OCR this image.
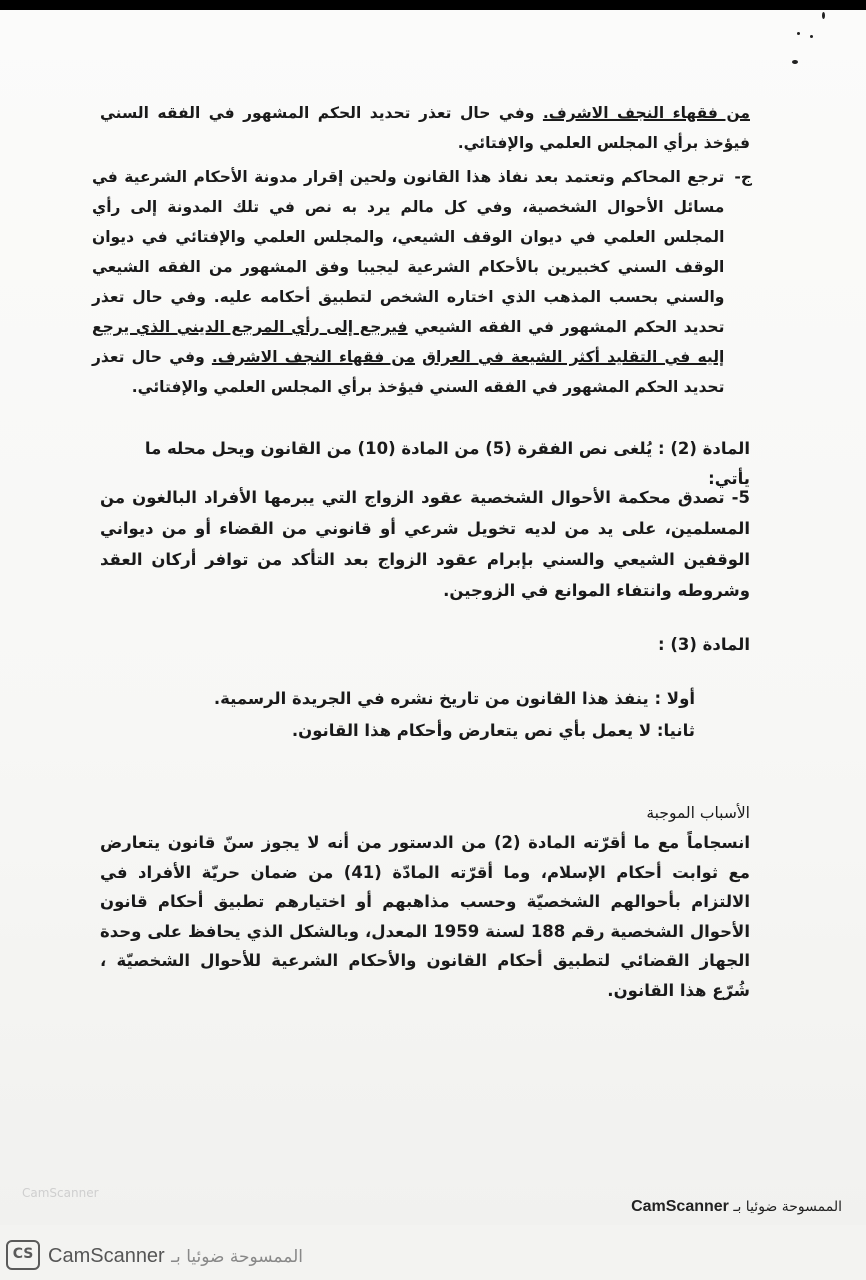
من فقهاء النجف الاشرف. وفي حال تعذر تحديد الحكم المشهور في الفقه السني فيؤخذ برأي المجلس العلمي والإفتائي.
ج-
ترجع المحاكم وتعتمد بعد نفاذ هذا القانون ولحين إقرار مدونة الأحكام الشرعية في مسائل الأحوال الشخصية، وفي كل مالم يرد به نص في تلك المدونة إلى رأي المجلس العلمي في ديوان الوقف الشيعي، والمجلس العلمي والإفتائي في ديوان الوقف السني كخبيرين بالأحكام الشرعية ليجيبا وفق المشهور من الفقه الشيعي والسني بحسب المذهب الذي اختاره الشخص لتطبيق أحكامه عليه. وفي حال تعذر تحديد الحكم المشهور في الفقه الشيعي فيرجع إلى رأي المرجع الديني الذي يرجع إليه في التقليد أكثر الشيعة في العراق من فقهاء النجف الاشرف. وفي حال تعذر تحديد الحكم المشهور في الفقه السني فيؤخذ برأي المجلس العلمي والإفتائي.
المادة (2) : يُلغى نص الفقرة (5) من المادة (10) من القانون ويحل محله ما يأتي:
5- تصدق محكمة الأحوال الشخصية عقود الزواج التي يبرمها الأفراد البالغون من المسلمين، على يد من لديه تخويل شرعي أو قانوني من القضاء أو من ديواني الوقفين الشيعي والسني بإبرام عقود الزواج بعد التأكد من توافر أركان العقد وشروطه وانتفاء الموانع في الزوجين.
المادة (3) :
أولا : ينفذ هذا القانون من تاريخ نشره في الجريدة الرسمية.
ثانيا: لا يعمل بأي نص يتعارض وأحكام هذا القانون.
الأسباب الموجبة
انسجاماً مع ما أقرّته المادة (2) من الدستور من أنه لا يجوز سنّ قانون يتعارض مع ثوابت أحكام الإسلام، وما أقرّته المادّة (41) من ضمان حريّة الأفراد في الالتزام بأحوالهم الشخصيّة وحسب مذاهبهم أو اختيارهم تطبيق أحكام قانون الأحوال الشخصية رقم 188 لسنة 1959 المعدل، وبالشكل الذي يحافظ على وحدة الجهاز القضائي لتطبيق أحكام القانون والأحكام الشرعية للأحوال الشخصيّة ، شُرّع هذا القانون.
CamScanner
الممسوحة ضوئيا بـ CamScanner
CS CamScanner الممسوحة ضوئيا بـ
